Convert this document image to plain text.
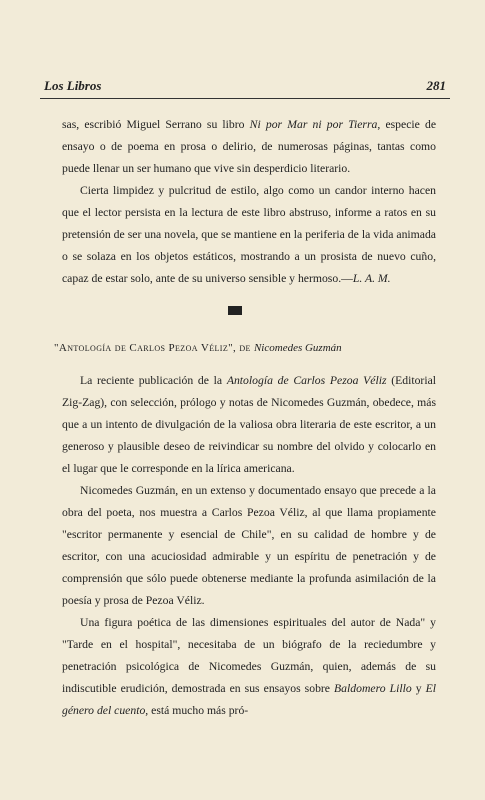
Los Libros	281

sas, escribió Miguel Serrano su libro Ni por Mar ni por Tierra, especie de ensayo o de poema en prosa o delirio, de numerosas páginas, tantas como puede llenar un ser humano que vive sin desperdicio literario.

Cierta limpidez y pulcritud de estilo, algo como un candor interno hacen que el lector persista en la lectura de este libro abstruso, informe a ratos en su pretensión de ser una novela, que se mantiene en la periferia de la vida animada o se solaza en los objetos estáticos, mostrando a un prosista de nuevo cuño, capaz de estar solo, ante de su universo sensible y hermoso.—L. A. M.

"Antología de Carlos Pezoa Véliz", de Nicomedes Guzmán

La reciente publicación de la Antología de Carlos Pezoa Véliz (Editorial Zig-Zag), con selección, prólogo y notas de Nicomedes Guzmán, obedece, más que a un intento de divulgación de la valiosa obra literaria de este escritor, a un generoso y plausible deseo de reivindicar su nombre del olvido y colocarlo en el lugar que le corresponde en la lírica americana.

Nicomedes Guzmán, en un extenso y documentado ensayo que precede a la obra del poeta, nos muestra a Carlos Pezoa Véliz, al que llama propiamente "escritor permanente y esencial de Chile", en su calidad de hombre y de escritor, con una acuciosidad admirable y un espíritu de penetración y de comprensión que sólo puede obtenerse mediante la profunda asimilación de la poesía y prosa de Pezoa Véliz.

Una figura poética de las dimensiones espirituales del autor de Nada" y "Tarde en el hospital", necesitaba de un biógrafo de la reciedumbre y penetración psicológica de Nicomedes Guzmán, quien, además de su indiscutible erudición, demostrada en sus ensayos sobre Baldomero Lillo y El género del cuento, está mucho más pró-
